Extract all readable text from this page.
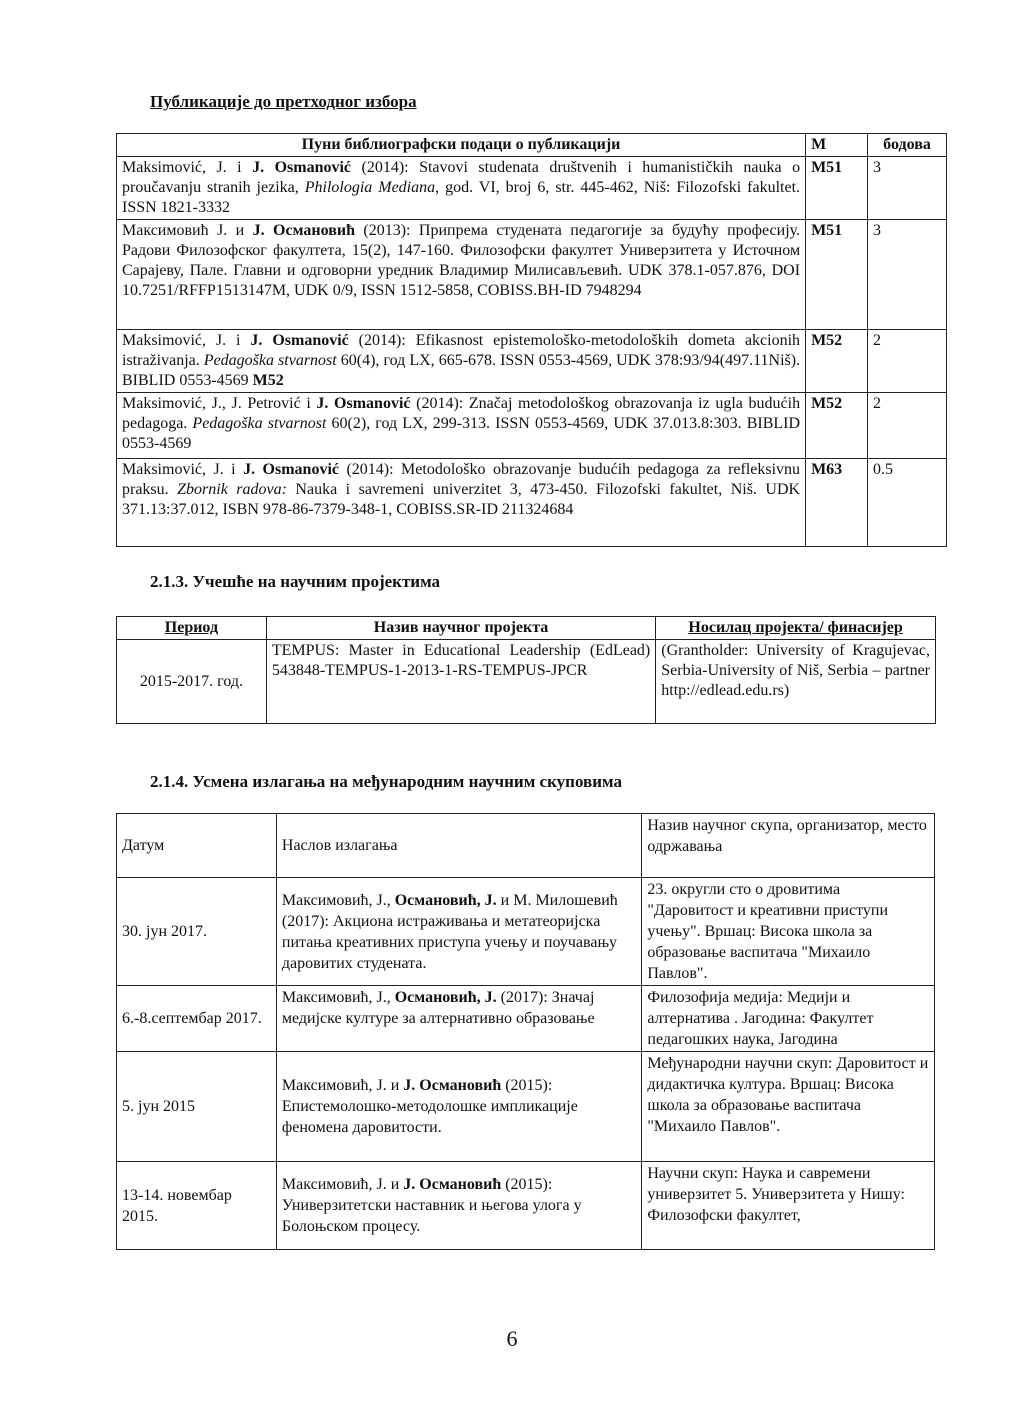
Публикације до претходног избора
Пуни библиографски подаци о публикацији	М	бодова
Maksimović, J. i J. Osmanović (2014): Stavovi studenata društvenih i humanističkih nauka o proučavanju stranih jezika, Philologia Mediana, god. VI, broj 6, str. 445-462, Niš: Filozofski fakultet. ISSN 1821-3332	M51	3
Максимовић Ј. и Ј. Османовић (2013): Припрема студената педагогије за будућу професију. Радови Филозофског факултета, 15(2), 147-160. Филозофски факултет Универзитета у Источном Сарајеву, Пале. Главни и одговорни уредник Владимир Милисављевић. UDK 378.1-057.876, DOI 10.7251/RFFP1513147M, UDK 0/9, ISSN 1512-5858, COBISS.BH-ID 7948294	M51	3
Maksimović, J. i J. Osmanović (2014): Efikasnost epistemološko-metodoloških dometa akcionih istraživanja. Pedagoška stvarnost 60(4), год LX, 665-678. ISSN 0553-4569, UDK 378:93/94(497.11Niš). BIBLID 0553-4569 M52	M52	2
Maksimović, J., J. Petrović i J. Osmanović (2014): Značaj metodološkog obrazovanja iz ugla budućih pedagoga. Pedagoška stvarnost 60(2), год LX, 299-313. ISSN 0553-4569, UDK 37.013.8:303. BIBLID 0553-4569	M52	2
Maksimović, J. i J. Osmanović (2014): Metodološko obrazovanje budućih pedagoga za refleksivnu praksu. Zbornik radova: Nauka i savremeni univerzitet 3, 473-450. Filozofski fakultet, Niš. UDK 371.13:37.012, ISBN 978-86-7379-348-1, COBISS.SR-ID 211324684	M63	0.5
2.1.3. Учешће на научним пројектима
Период	Назив научног пројекта	Носилац пројекта/ финасијер
2015-2017. год.	TEMPUS: Master in Educational Leadership (EdLead) 543848-TEMPUS-1-2013-1-RS-TEMPUS-JPCR	(Grantholder: University of Kragujevac, Serbia-University of Niš, Serbia – partner http://edlead.edu.rs)
2.1.4. Усмена излагања на међународним научним скуповима
Датум	Наслов излагања	Назив научног скупа, организатор, место одржавања
30. јун 2017.	Максимовић, Ј., Османовић, Ј. и М. Милошевић (2017): Акциона истраживања и метатеоријска питања креативних приступа учењу и поучавању даровитих студената.	23. округли сто о дровитима "Даровитост и креативни приступи учењу". Вршац: Висока школа за образовање васпитача "Михаило Павлов".
6.-8.септембар 2017.	Максимовић, Ј., Османовић, Ј. (2017): Значај медијске културе за алтернативно образовање	Филозофија медија: Медији и алтернатива . Јагодина: Факултет педагошких наука, Јагодина
5. јун 2015	Максимовић, Ј. и Ј. Османовић (2015): Епистемолошко-методолошке импликације феномена даровитости.	Међународни научни скуп: Даровитост и дидактичка култура. Вршац: Висока школа за образовање васпитача "Михаило Павлов".
13-14. новембар 2015.	Максимовић, Ј. и Ј. Османовић (2015): Универзитетски наставник и његова улога у Болоњском процесу.	Научни скуп: Наука и савремени универзитет 5. Универзитета у Нишу: Филозофски факултет,
6
